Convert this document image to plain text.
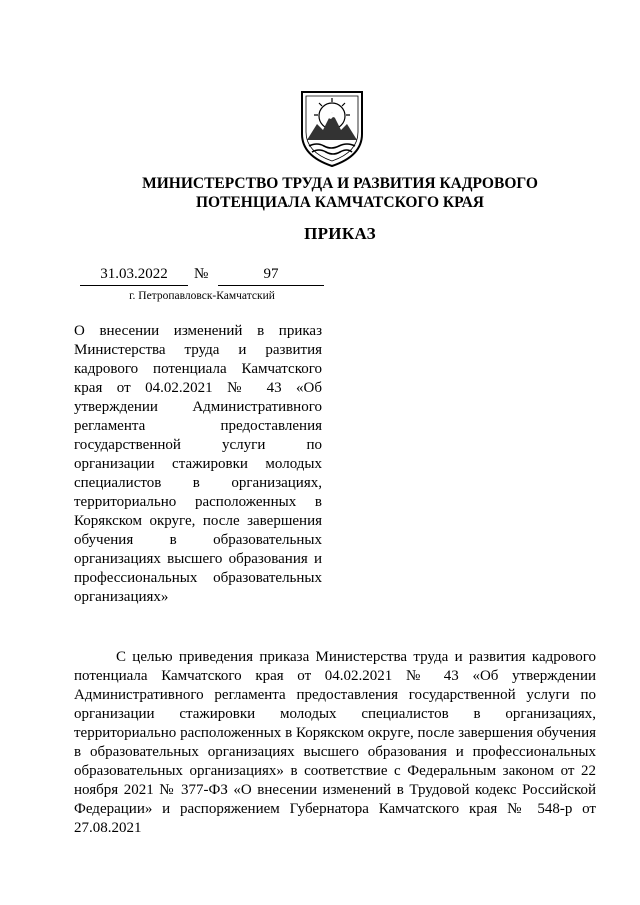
МИНИСТЕРСТВО ТРУДА И РАЗВИТИЯ КАДРОВОГО
ПОТЕНЦИАЛА КАМЧАТСКОГО КРАЯ
ПРИКАЗ
31.03.2022	№	97
г. Петропавловск-Камчатский

О внесении изменений в приказ Министерства труда и развития кадрового потенциала Камчатского края от 04.02.2021 № 43 «Об утверждении Административного регламента предоставления государственной услуги по организации стажировки молодых специалистов в организациях, территориально расположенных в Корякском округе, после завершения обучения в образовательных организациях высшего образования и профессиональных образовательных организациях»

С целью приведения приказа Министерства труда и развития кадрового потенциала Камчатского края от 04.02.2021 № 43 «Об утверждении Административного регламента предоставления государственной услуги по организации стажировки молодых специалистов в организациях, территориально расположенных в Корякском округе, после завершения обучения в образовательных организациях высшего образования и профессиональных образовательных организациях» в соответствие с Федеральным законом от 22 ноября 2021 № 377-ФЗ «О внесении изменений в Трудовой кодекс Российской Федерации» и распоряжением Губернатора Камчатского края № 548-р от 27.08.2021
